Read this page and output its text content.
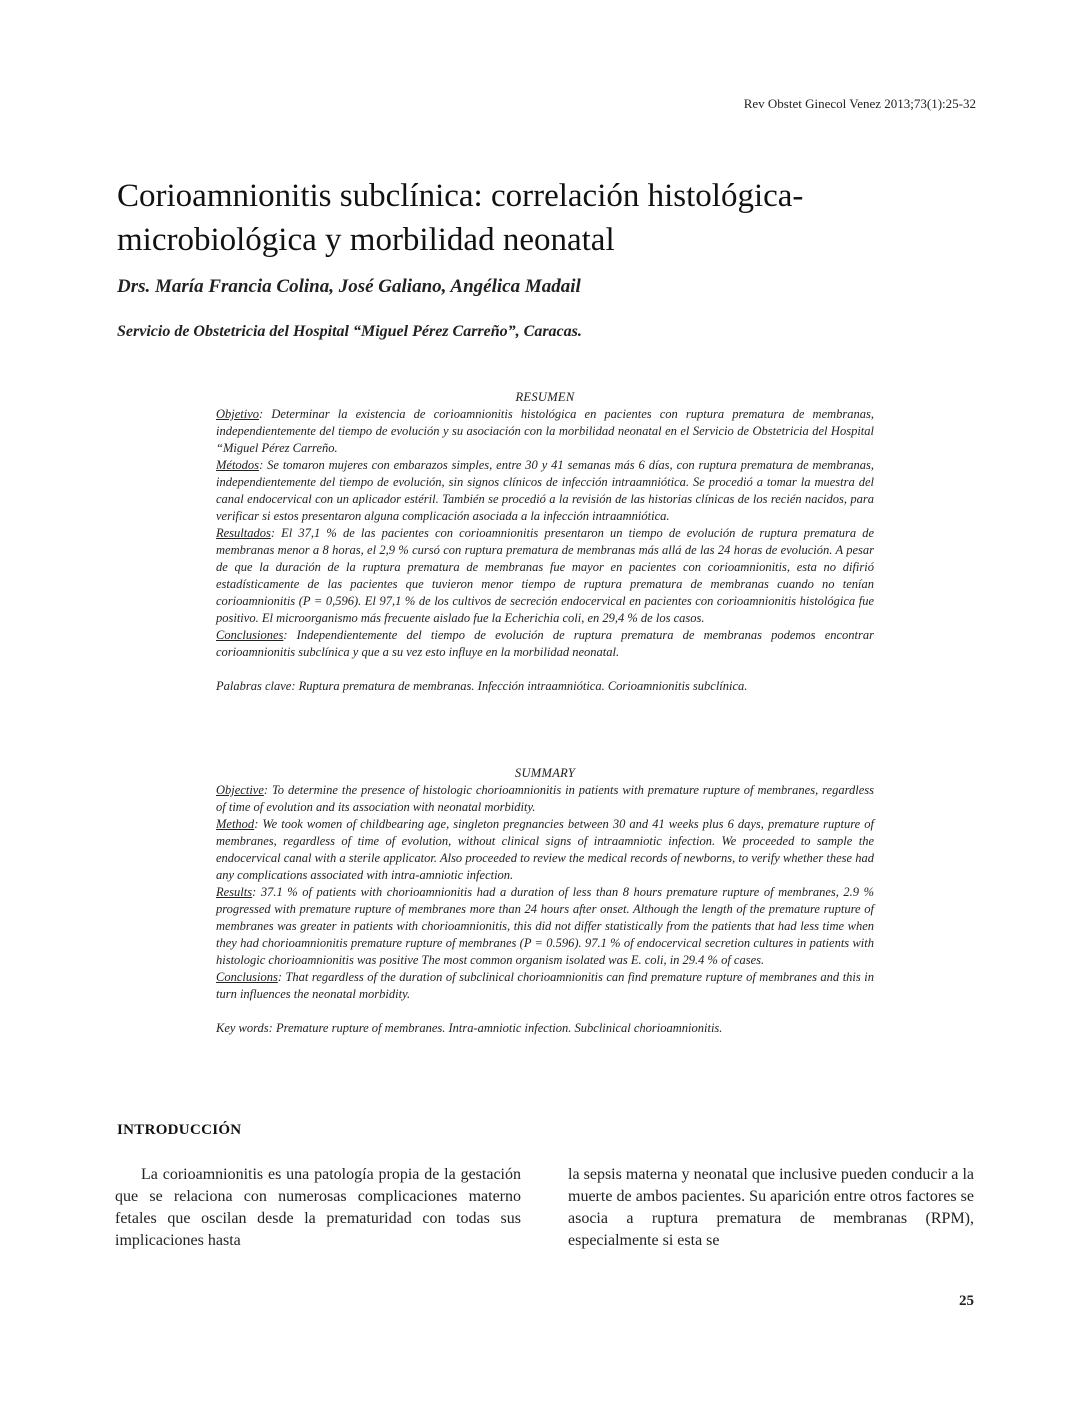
Rev Obstet Ginecol Venez 2013;73(1):25-32
Corioamnionitis subclínica: correlación histológica-microbiológica y morbilidad neonatal
Drs. María Francia Colina, José Galiano, Angélica Madail
Servicio de Obstetricia del Hospital “Miguel Pérez Carreño”, Caracas.

RESUMEN

Objetivo: Determinar la existencia de corioamnionitis histológica en pacientes con ruptura prematura de membranas, independientemente del tiempo de evolución y su asociación con la morbilidad neonatal en el Servicio de Obstetricia del Hospital “Miguel Pérez Carreño.

Métodos: Se tomaron mujeres con embarazos simples, entre 30 y 41 semanas más 6 días, con ruptura prematura de membranas, independientemente del tiempo de evolución, sin signos clínicos de infección intraamniótica. Se procedió a tomar la muestra del canal endocervical con un aplicador estéril. También se procedió a la revisión de las historias clínicas de los recién nacidos, para verificar si estos presentaron alguna complicación asociada a la infección intraamniótica.

Resultados: El 37,1 % de las pacientes con corioamnionitis presentaron un tiempo de evolución de ruptura prematura de membranas menor a 8 horas, el 2,9 % cursó con ruptura prematura de membranas más allá de las 24 horas de evolución. A pesar de que la duración de la ruptura prematura de membranas fue mayor en pacientes con corioamnionitis, esta no difirió estadísticamente de las pacientes que tuvieron menor tiempo de ruptura prematura de membranas cuando no tenían corioamnionitis (P = 0,596). El 97,1 % de los cultivos de secreción endocervical en pacientes con corioamnionitis histológica fue positivo. El microorganismo más frecuente aislado fue la Echerichia coli, en 29,4 % de los casos.

Conclusiones: Independientemente del tiempo de evolución de ruptura prematura de membranas podemos encontrar corioamnionitis subclínica y que a su vez esto influye en la morbilidad neonatal.

Palabras clave: Ruptura prematura de membranas. Infección intraamniótica. Corioamnionitis subclínica.

SUMMARY

Objective: To determine the presence of histologic chorioamnionitis in patients with premature rupture of membranes, regardless of time of evolution and its association with neonatal morbidity.

Method: We took women of childbearing age, singleton pregnancies between 30 and 41 weeks plus 6 days, premature rupture of membranes, regardless of time of evolution, without clinical signs of intraamniotic infection. We proceeded to sample the endocervical canal with a sterile applicator. Also proceeded to review the medical records of newborns, to verify whether these had any complications associated with intra-amniotic infection.

Results: 37.1 % of patients with chorioamnionitis had a duration of less than 8 hours premature rupture of membranes, 2.9 % progressed with premature rupture of membranes more than 24 hours after onset. Although the length of the premature rupture of membranes was greater in patients with chorioamnionitis, this did not differ statistically from the patients that had less time when they had chorioamnionitis premature rupture of membranes (P = 0.596). 97.1 % of endocervical secretion cultures in patients with histologic chorioamnionitis was positive The most common organism isolated was E. coli, in 29.4 % of cases.

Conclusions: That regardless of the duration of subclinical chorioamnionitis can find premature rupture of membranes and this in turn influences the neonatal morbidity.

Key words: Premature rupture of membranes. Intra-amniotic infection. Subclinical chorioamnionitis.

INTRODUCCIÓN

La corioamnionitis es una patología propia de la gestación que se relaciona con numerosas complicaciones materno fetales que oscilan desde la prematuridad con todas sus implicaciones hasta

la sepsis materna y neonatal que inclusive pueden conducir a la muerte de ambos pacientes. Su aparición entre otros factores se asocia a ruptura prematura de membranas (RPM), especialmente si esta se

25
